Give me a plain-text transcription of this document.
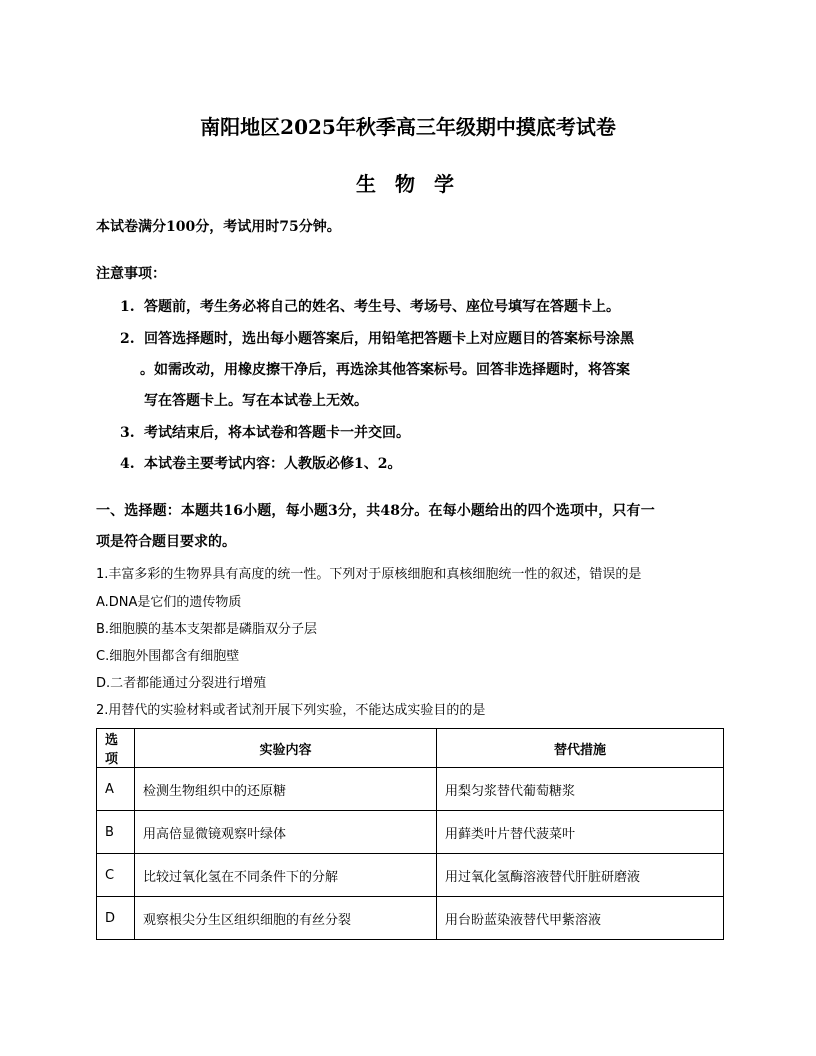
南阳地区2025年秋季高三年级期中摸底考试卷
生 物 学
本试卷满分100分，考试用时75分钟。
注意事项：
1. 答题前，考生务必将自己的姓名、考生号、考场号、座位号填写在答题卡上。
2. 回答选择题时，选出每小题答案后，用铅笔把答题卡上对应题目的答案标号涂黑
。如需改动，用橡皮擦干净后，再选涂其他答案标号。回答非选择题时，将答案
写在答题卡上。写在本试卷上无效。
3. 考试结束后，将本试卷和答题卡一并交回。
4. 本试卷主要考试内容：人教版必修1、2。
一、选择题：本题共16小题，每小题3分，共48分。在每小题给出的四个选项中，只有一
项是符合题目要求的。
1.丰富多彩的生物界具有高度的统一性。下列对于原核细胞和真核细胞统一性的叙述，错误的是
A.DNA是它们的遗传物质
B.细胞膜的基本支架都是磷脂双分子层
C.细胞外围都含有细胞壁
D.二者都能通过分裂进行增殖
2.用替代的实验材料或者试剂开展下列实验，不能达成实验目的的是
选项	实验内容	替代措施
A	检测生物组织中的还原糖	用梨匀浆替代葡萄糖浆
B	用高倍显微镜观察叶绿体	用藓类叶片替代菠菜叶
C	比较过氧化氢在不同条件下的分解	用过氧化氢酶溶液替代肝脏研磨液
D	观察根尖分生区组织细胞的有丝分裂	用台盼蓝染液替代甲紫溶液
